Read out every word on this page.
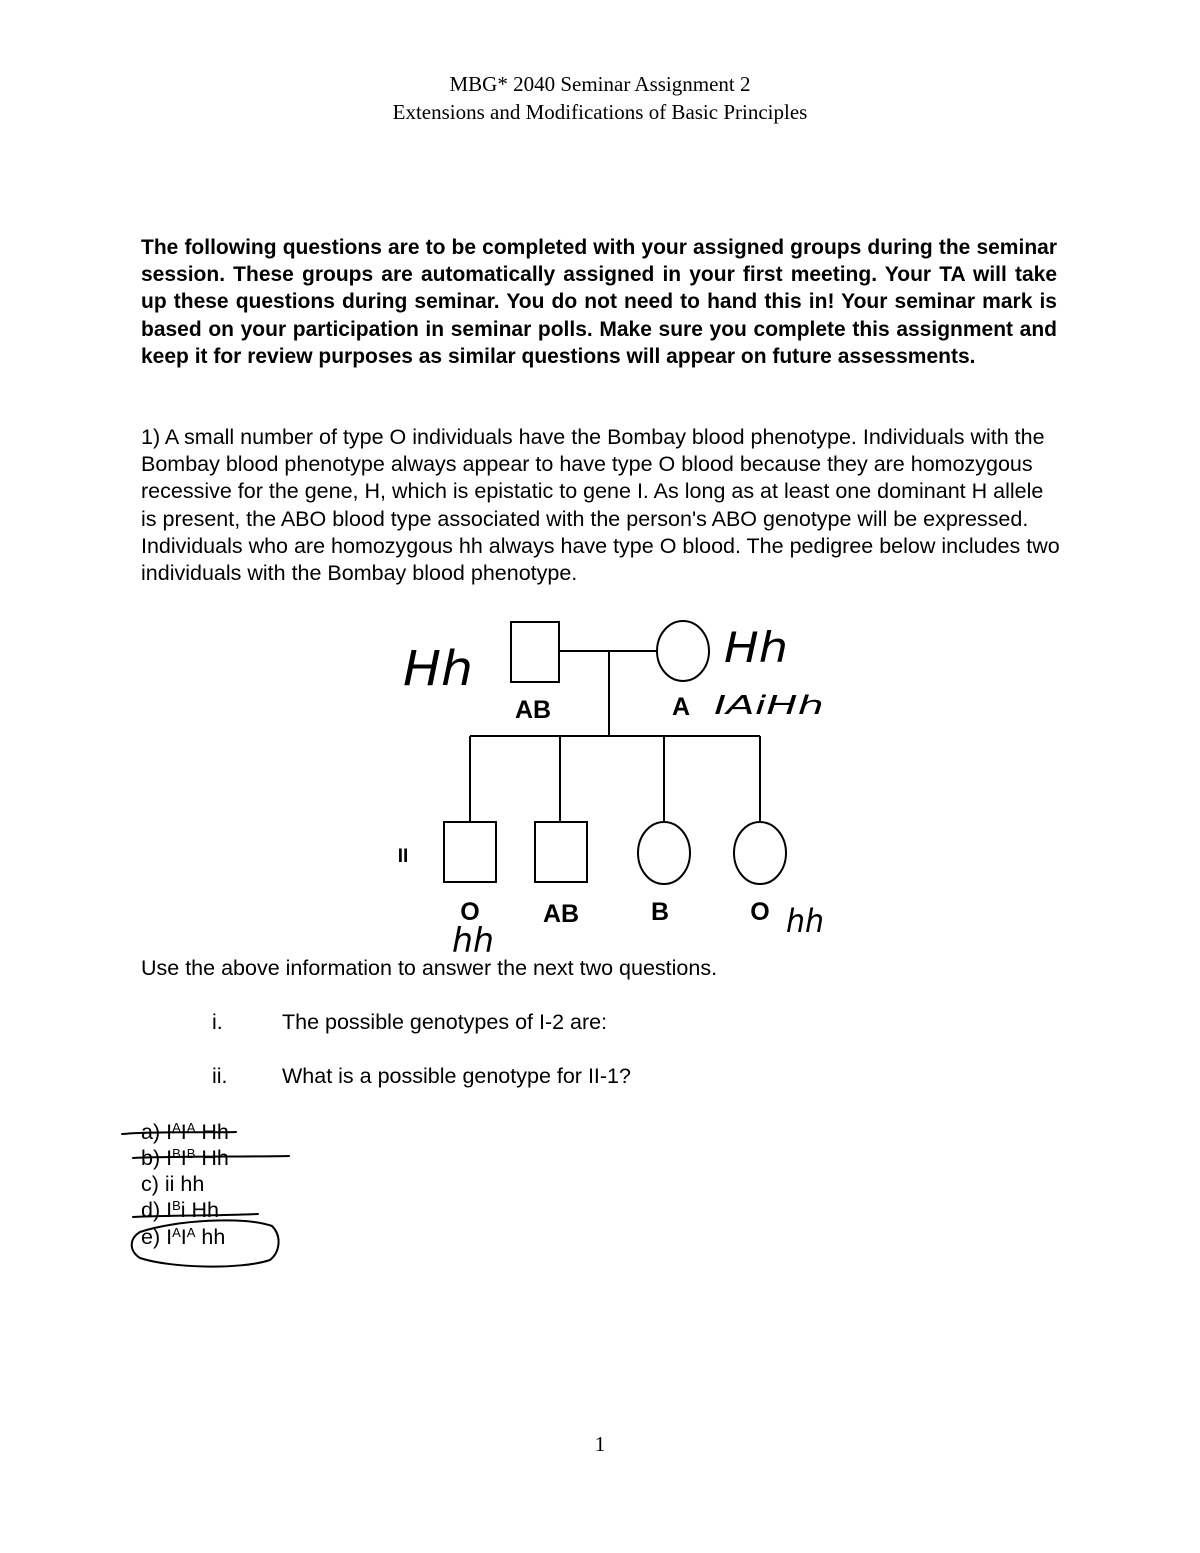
MBG* 2040 Seminar Assignment 2
Extensions and Modifications of Basic Principles
The following questions are to be completed with your assigned groups during the seminar session. These groups are automatically assigned in your first meeting. Your TA will take up these questions during seminar. You do not need to hand this in! Your seminar mark is based on your participation in seminar polls. Make sure you complete this assignment and keep it for review purposes as similar questions will appear on future assessments.

1) A small number of type O individuals have the Bombay blood phenotype. Individuals with the Bombay blood phenotype always appear to have type O blood because they are homozygous recessive for the gene, H, which is epistatic to gene I. As long as at least one dominant H allele is present, the ABO blood type associated with the person's ABO genotype will be expressed. Individuals who are homozygous hh always have type O blood. The pedigree below includes two individuals with the Bombay blood phenotype.

AB	A
II
O	AB	B	O
Hh	Hh
IAiHh
hh	hh
Use the above information to answer the next two questions.
i.	The possible genotypes of I-2 are:
ii.	What is a possible genotype for II-1?
a) $I^AI^A$ Hh
b) $I^BI^B$ Hh
c) ii hh
d) $I^Bi$ Hh
e) $I^AI^A$ hh
1
